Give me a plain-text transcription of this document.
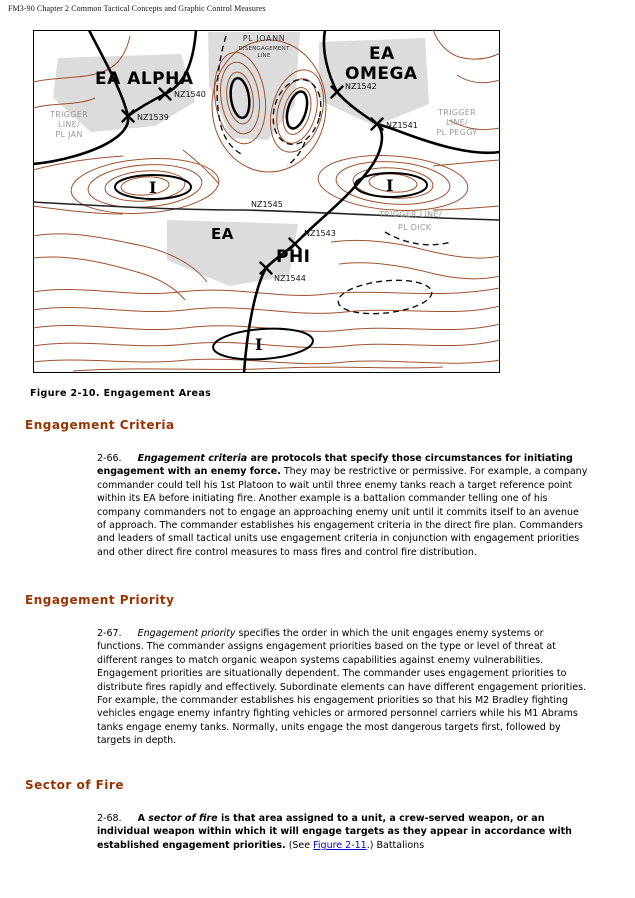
FM3-90 Chapter 2 Common Tactical Concepts and Graphic Control Measures
PL JOANN
DISENGAGEMENT
LINE
EA ALPHA
EA
OMEGA
EA
PHI
NZ1540
NZ1539
NZ1542
NZ1541
NZ1545
NZ1543
NZ1544
TRIGGER
LINE/
PL JAN
TRIGGER
LINE/
PL PEGGY
TRIGGER LINE/
PL DICK
I	I
I
Figure 2-10. Engagement Areas
Engagement Criteria
2-66. Engagement criteria are protocols that specify those circumstances for initiating engagement with an enemy force. They may be restrictive or permissive. For example, a company commander could tell his 1st Platoon to wait until three enemy tanks reach a target reference point within its EA before initiating fire. Another example is a battalion commander telling one of his company commanders not to engage an approaching enemy unit until it commits itself to an avenue of approach. The commander establishes his engagement criteria in the direct fire plan. Commanders and leaders of small tactical units use engagement criteria in conjunction with engagement priorities and other direct fire control measures to mass fires and control fire distribution.
Engagement Priority
2-67. Engagement priority specifies the order in which the unit engages enemy systems or functions. The commander assigns engagement priorities based on the type or level of threat at different ranges to match organic weapon systems capabilities against enemy vulnerabilities. Engagement priorities are situationally dependent. The commander uses engagement priorities to distribute fires rapidly and effectively. Subordinate elements can have different engagement priorities. For example, the commander establishes his engagement priorities so that his M2 Bradley fighting vehicles engage enemy infantry fighting vehicles or armored personnel carriers while his M1 Abrams tanks engage enemy tanks. Normally, units engage the most dangerous targets first, followed by targets in depth.
Sector of Fire
2-68. A sector of fire is that area assigned to a unit, a crew-served weapon, or an individual weapon within which it will engage targets as they appear in accordance with established engagement priorities. (See Figure 2-11.) Battalions
